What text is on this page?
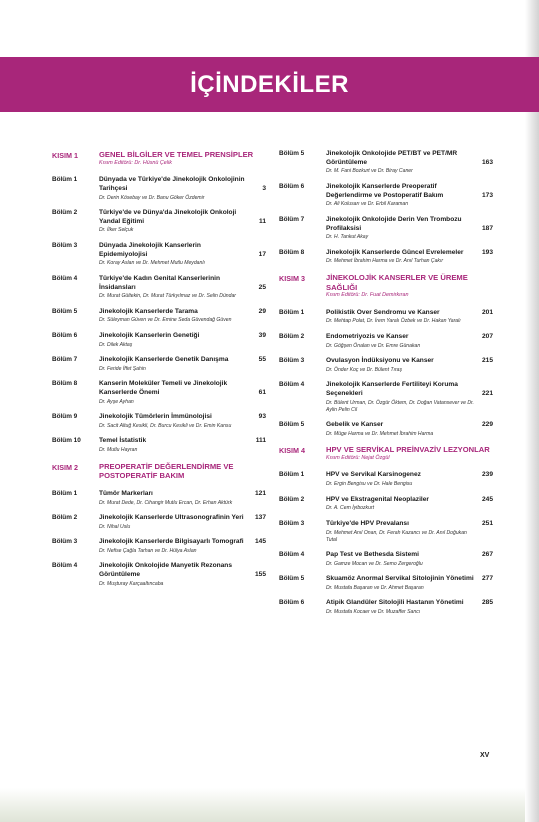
İÇİNDEKİLER
KISIM 1	GENEL BİLGİLER VE TEMEL PRENSİPLER
Kısım Editörü: Dr. Hüsnü Çelik
Bölüm 1	Dünyada ve Türkiye'de Jinekolojik Onkolojinin Tarihçesi
Dr. Derin Kösebay ve Dr. Banu Göker Özdemir
3
Bölüm 2	Türkiye'de ve Dünya'da Jinekolojik Onkoloji Yandal Eğitimi
Dr. İlker Selçuk
11
Bölüm 3	Dünyada Jinekolojik Kanserlerin Epidemiyolojisi
Dr. Koray Aslan ve Dr. Mehmet Mutlu Meydanlı
17
Bölüm 4	Türkiye'de Kadın Genital Kanserlerinin İnsidansları
Dr. Murat Gültekin, Dr. Murat Türkyılmaz ve Dr. Selin Dündar
25
Bölüm 5	Jinekolojik Kanserlerde Tarama
Dr. Süleyman Güven ve Dr. Emine Seda Güvendağ Güven
29
Bölüm 6	Jinekolojik Kanserlerin Genetiği
Dr. Dilek Aktaş
39
Bölüm 7	Jinekolojik Kanserlerde Genetik Danışma
Dr. Feride İffet Şahin
55
Bölüm 8	Kanserin Moleküler Temeli ve Jinekolojik Kanserlerde Önemi
Dr. Ayşe Ayhan
61
Bölüm 9	Jinekolojik Tümörlerin İmmünolojisi
Dr. Sacit Altuğ Kesikli, Dr. Burcu Kesikli ve Dr. Emin Kansu
93
Bölüm 10	Temel İstatistik
Dr. Mutlu Hayran
111
KISIM 2	PREOPERATİF DEĞERLENDİRME VE POSTOPERATİF BAKIM
Bölüm 1	Tümör Markerları
Dr. Murat Dede, Dr. Cihangir Mutlu Ercan, Dr. Erhan Aktürk
121
Bölüm 2	Jinekolojik Kanserlerde Ultrasonografinin Yeri
Dr. Nihal Uslu
137
Bölüm 3	Jinekolojik Kanserlerde Bilgisayarlı Tomografi
Dr. Nefise Çağla Tarhan ve Dr. Hülya Aslan
145
Bölüm 4	Jinekolojik Onkolojide Manyetik Rezonans Görüntüleme
Dr. Muşturay Karçaaltıncaba
155
Bölüm 5	Jinekolojik Onkolojide PET/BT ve PET/MR Görüntüleme
Dr. M. Fani Bozkurt ve Dr. Biray Caner
163
Bölüm 6	Jinekolojik Kanserlerde Preoperatif Değerlendirme ve Postoperatif Bakım
Dr. Ali Kolusarı ve Dr. Erbil Karaman
173
Bölüm 7	Jinekolojik Onkolojide Derin Ven Trombozu Profilaksisi
Dr. H. Tankut Akay
187
Bölüm 8	Jinekolojik Kanserlerde Güncel Evrelemeler
Dr. Mehmet İbrahim Harma ve Dr. Anıl Turhan Çakır
193
KISIM 3	JİNEKOLOJİK KANSERLER VE ÜREME SAĞLIĞI
Kısım Editörü: Dr. Fuat Demirkıran
Bölüm 1	Polikistik Over Sendromu ve Kanser
Dr. Mehtap Polat, Dr. İrem Yaralı Özbek ve Dr. Hakan Yaralı
201
Bölüm 2	Endometriyozis ve Kanser
Dr. Göğşen Önalan ve Dr. Emre Günakan
207
Bölüm 3	Ovulasyon İndüksiyonu ve Kanser
Dr. Önder Koç ve Dr. Bülent Tıraş
215
Bölüm 4	Jinekolojik Kanserlerde Fertiliteyi Koruma Seçenekleri
Dr. Bülent Urman, Dr. Özgür Öktem, Dr. Doğan Vatansever ve Dr. Aylin Pelin Cil
221
Bölüm 5	Gebelik ve Kanser
Dr. Müge Harma ve Dr. Mehmet İbrahim Harma
229
KISIM 4	HPV VE SERVİKAL PREİNVAZİV LEZYONLAR
Kısım Editörü: Nejat Özgül
Bölüm 1	HPV ve Servikal Karsinogenez
Dr. Ergin Bengisu ve Dr. Hale Bengisu
239
Bölüm 2	HPV ve Ekstragenital Neoplaziler
Dr. A. Cem İyibozkurt
245
Bölüm 3	Türkiye'de HPV Prevalansı
Dr. Mehmet Anıl Onan, Dr. Ferah Kazancı ve Dr. Anıl Doğukan Tutal
251
Bölüm 4	Pap Test ve Bethesda Sistemi
Dr. Gamze Mocan ve Dr. Semo Zergeroğlu
267
Bölüm 5	Skuamöz Anormal Servikal Sitolojinin Yönetimi
Dr. Mustafa Başaran ve Dr. Ahmet Başaran
277
Bölüm 6	Atipik Glandüler Sitolojili Hastanın Yönetimi
Dr. Mustafa Kocaer ve Dr. Muzaffer Sancı
285
XV
